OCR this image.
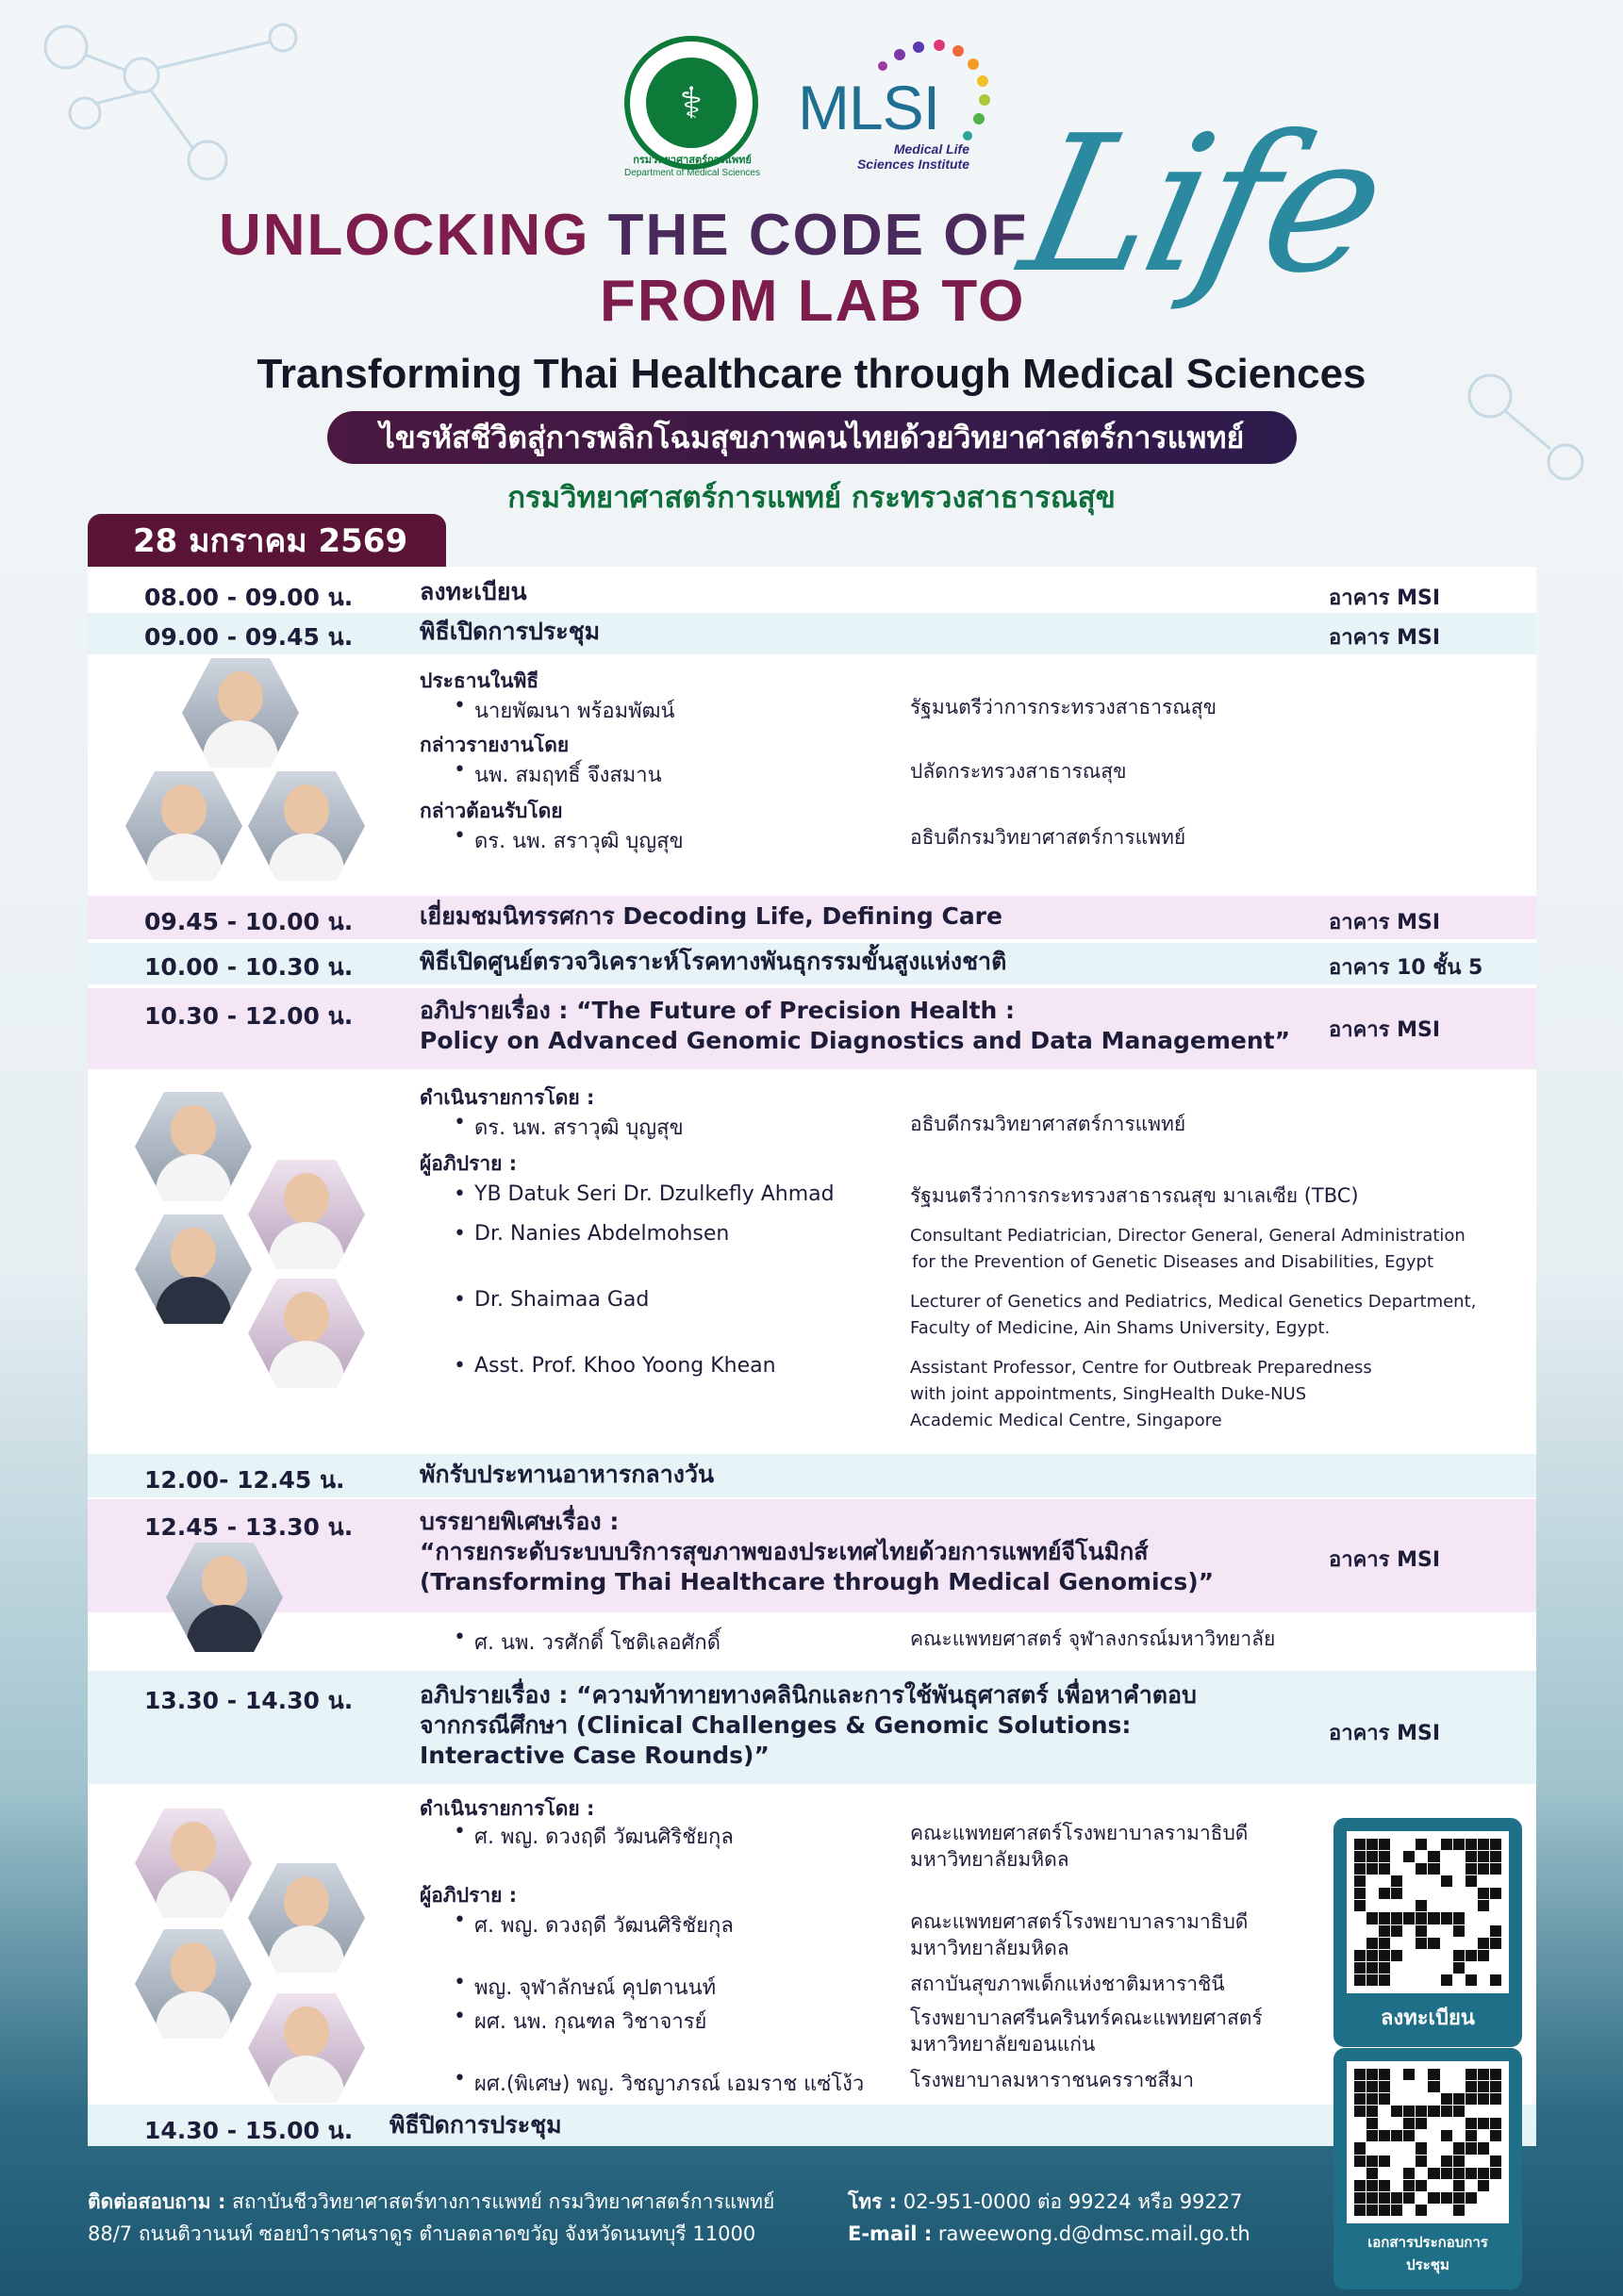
⚕
กรมวิทยาศาสตร์การแพทย์
Department of Medical Sciences
MLSI
Medical Life
Sciences Institute
UNLOCKING THE CODE OF
FROM LAB TO
Life
Transforming Thai Healthcare through Medical Sciences
ไขรหัสชีวิตสู่การพลิกโฉมสุขภาพคนไทยด้วยวิทยาศาสตร์การแพทย์
กรมวิทยาศาสตร์การแพทย์ กระทรวงสาธารณสุข
28 มกราคม 2569
08.00 - 09.00 น.	ลงทะเบียน	อาคาร MSI
09.00 - 09.45 น.	พิธีเปิดการประชุม	อาคาร MSI
ประธานในพิธี
• นายพัฒนา พร้อมพัฒน์	รัฐมนตรีว่าการกระทรวงสาธารณสุข
กล่าวรายงานโดย
• นพ. สมฤทธิ์ จึงสมาน	ปลัดกระทรวงสาธารณสุข
กล่าวต้อนรับโดย
• ดร. นพ. สราวุฒิ บุญสุข	อธิบดีกรมวิทยาศาสตร์การแพทย์
09.45 - 10.00 น.	เยี่ยมชมนิทรรศการ Decoding Life, Defining Care	อาคาร MSI
10.00 - 10.30 น.	พิธีเปิดศูนย์ตรวจวิเคราะห์โรคทางพันธุกรรมขั้นสูงแห่งชาติ	อาคาร 10 ชั้น 5
10.30 - 12.00 น.	อภิปรายเรื่อง : “The Future of Precision Health :
Policy on Advanced Genomic Diagnostics and Data Management” อาคาร MSI
ดำเนินรายการโดย :
• ดร. นพ. สราวุฒิ บุญสุข	อธิบดีกรมวิทยาศาสตร์การแพทย์
ผู้อภิปราย :
• YB Datuk Seri Dr. Dzulkefly Ahmad	รัฐมนตรีว่าการกระทรวงสาธารณสุข มาเลเซีย (TBC)
• Dr. Nanies Abdelmohsen	Consultant Pediatrician, Director General, General Administration
for the Prevention of Genetic Diseases and Disabilities, Egypt
• Dr. Shaimaa Gad	Lecturer of Genetics and Pediatrics, Medical Genetics Department,
Faculty of Medicine, Ain Shams University, Egypt.
• Asst. Prof. Khoo Yoong Khean	Assistant Professor, Centre for Outbreak Preparedness
with joint appointments, SingHealth Duke-NUS
Academic Medical Centre, Singapore
12.00- 12.45 น.	พักรับประทานอาหารกลางวัน
12.45 - 13.30 น.	บรรยายพิเศษเรื่อง :
“การยกระดับระบบบริการสุขภาพของประเทศไทยด้วยการแพทย์จีโนมิกส์
(Transforming Thai Healthcare through Medical Genomics)”
อาคาร MSI
• ศ. นพ. วรศักดิ์ โชติเลอศักดิ์	คณะแพทยศาสตร์ จุฬาลงกรณ์มหาวิทยาลัย
13.30 - 14.30 น.	อภิปรายเรื่อง : “ความท้าทายทางคลินิกและการใช้พันธุศาสตร์ เพื่อหาคำตอบ
จากกรณีศึกษา (Clinical Challenges & Genomic Solutions:
Interactive Case Rounds)”
อาคาร MSI
ดำเนินรายการโดย :
• ศ. พญ. ดวงฤดี วัฒนศิริชัยกุล	คณะแพทยศาสตร์โรงพยาบาลรามาธิบดี
มหาวิทยาลัยมหิดล
ผู้อภิปราย :
• ศ. พญ. ดวงฤดี วัฒนศิริชัยกุล	คณะแพทยศาสตร์โรงพยาบาลรามาธิบดี
มหาวิทยาลัยมหิดล
• พญ. จุฬาลักษณ์ คุปตานนท์	สถาบันสุขภาพเด็กแห่งชาติมหาราชินี
• ผศ. นพ. กุณฑล วิชาจารย์	โรงพยาบาลศรีนครินทร์คณะแพทยศาสตร์
มหาวิทยาลัยขอนแก่น
• ผศ.(พิเศษ) พญ. วิชญาภรณ์ เอมราช แซ่โง้ว โรงพยาบาลมหาราชนครราชสีมา
14.30 - 15.00 น. พิธีปิดการประชุม
ลงทะเบียน
เอกสารประกอบการประชุม
ติดต่อสอบถาม : สถาบันชีววิทยาศาสตร์ทางการแพทย์ กรมวิทยาศาสตร์การแพทย์
88/7 ถนนติวานนท์ ซอยบำราศนราดูร ตำบลตลาดขวัญ จังหวัดนนทบุรี 11000
โทร : 02-951-0000 ต่อ 99224 หรือ 99227
E-mail : raweewong.d@dmsc.mail.go.th
